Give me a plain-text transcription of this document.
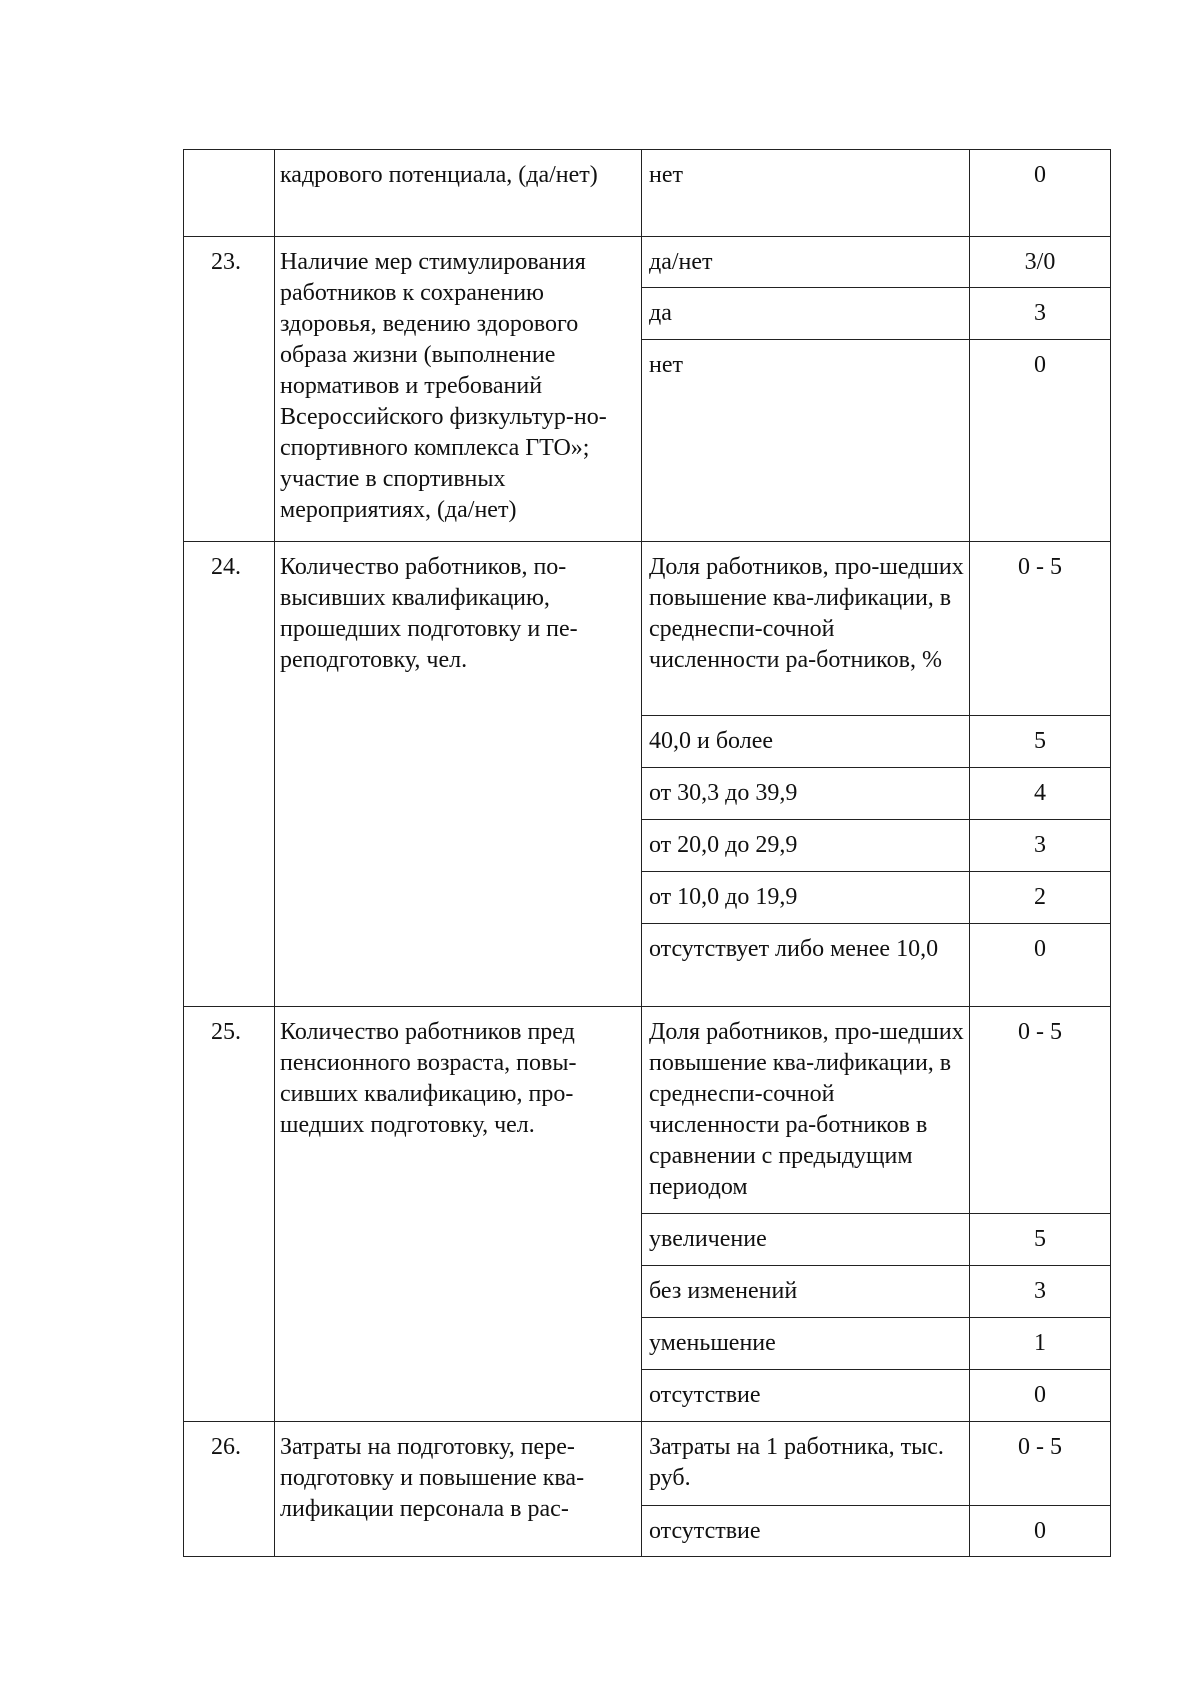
	кадрового потенциала, (да/нет)	нет	0
23.	Наличие мер стимулирования работников к сохранению здоровья, ведению здорового образа жизни (выполнение нормативов и требований Всероссийского физкультур-но-спортивного комплекса ГТО»; участие в спортивных мероприятиях, (да/нет)	да/нет	3/0
		да	3
		нет	0
24.	Количество работников, по-высивших квалификацию, прошедших подготовку и пе-реподготовку, чел.	Доля работников, про-шедших повышение ква-лификации, в среднеспи-сочной численности ра-ботников, %	0 - 5
		40,0 и более	5
		от 30,3 до 39,9	4
		от 20,0 до 29,9	3
		от 10,0 до 19,9	2
		отсутствует либо менее 10,0	0
25.	Количество работников пред пенсионного возраста, повы-сивших квалификацию, про-шедших подготовку, чел.	Доля работников, про-шедших повышение ква-лификации, в среднеспи-сочной численности ра-ботников в сравнении с предыдущим периодом	0 - 5
		увеличение	5
		без изменений	3
		уменьшение	1
		отсутствие	0
26.	Затраты на подготовку, пере-подготовку и повышение ква-лификации персонала в рас-	Затраты на 1 работника, тыс. руб.	0 - 5
		отсутствие	0
